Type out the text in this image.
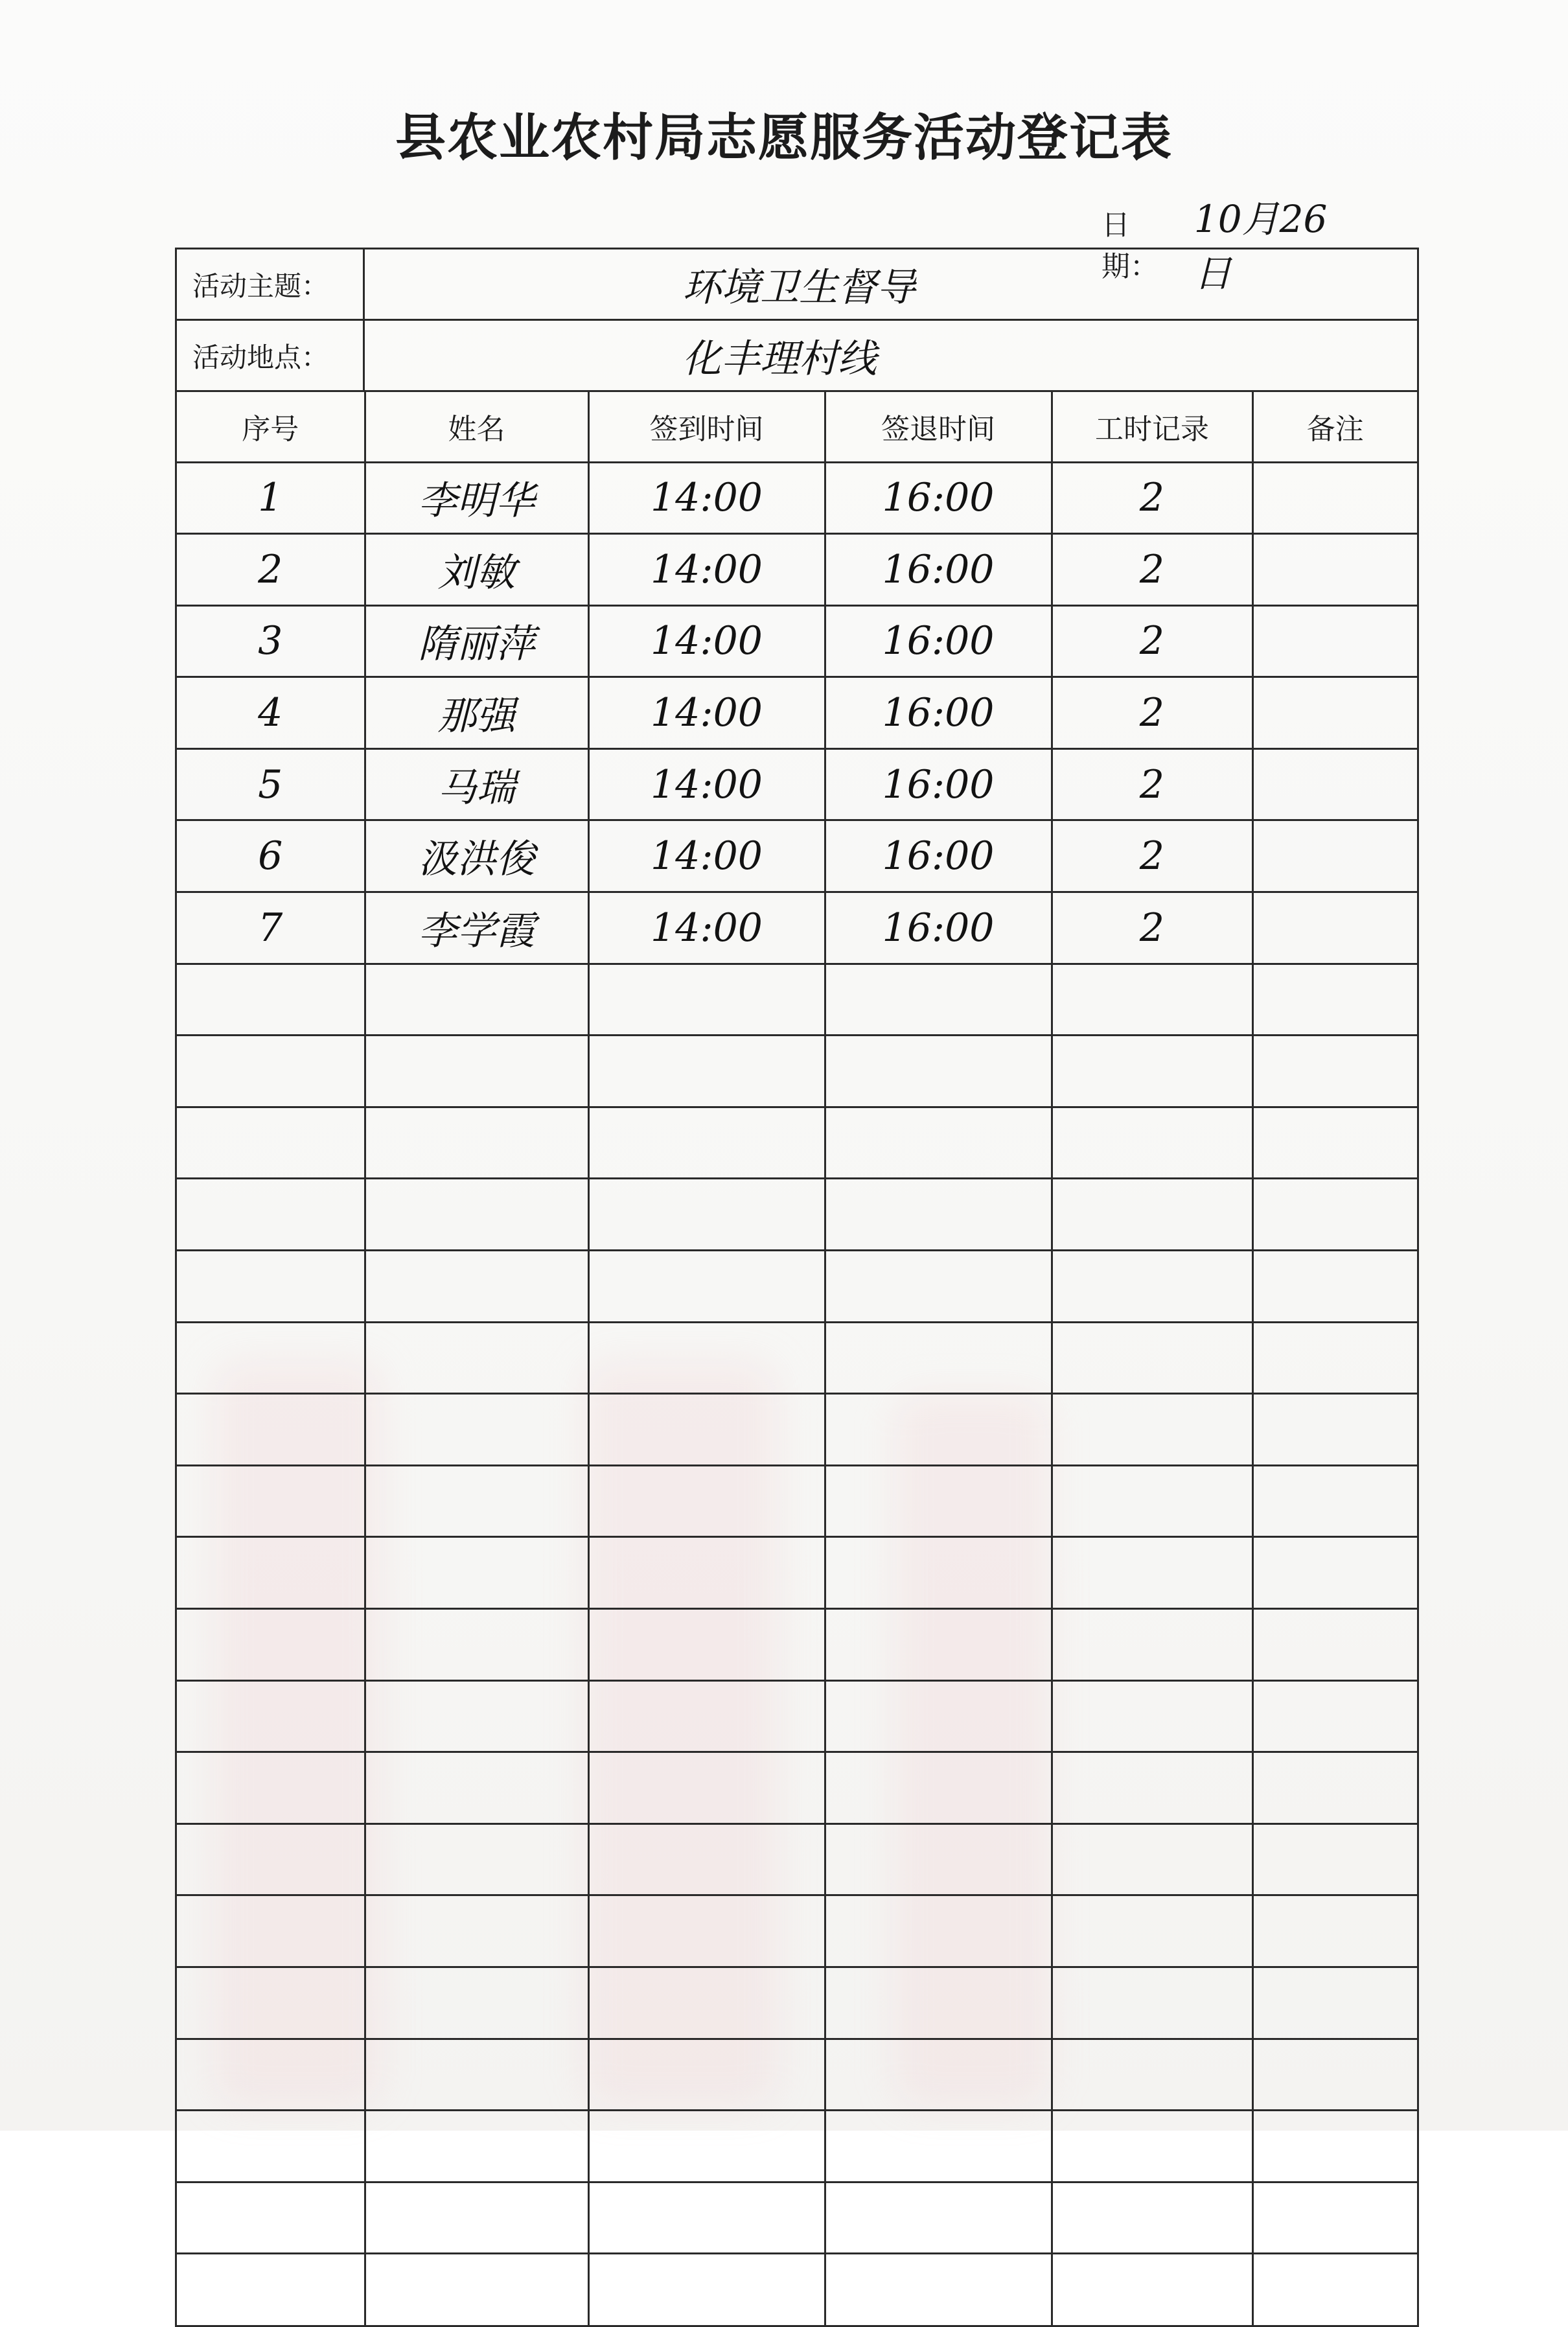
县农业农村局志愿服务活动登记表
日期：
10月26日
活动主题：	环境卫生督导
活动地点：	化丰理村线
序号	姓名	签到时间	签退时间	工时记录	备注
1	李明华	14:00	16:00	2	
2	刘敏	14:00	16:00	2	
3	隋丽萍	14:00	16:00	2	
4	那强	14:00	16:00	2	
5	马瑞	14:00	16:00	2	
6	汲洪俊	14:00	16:00	2	
7	李学霞	14:00	16:00	2	
